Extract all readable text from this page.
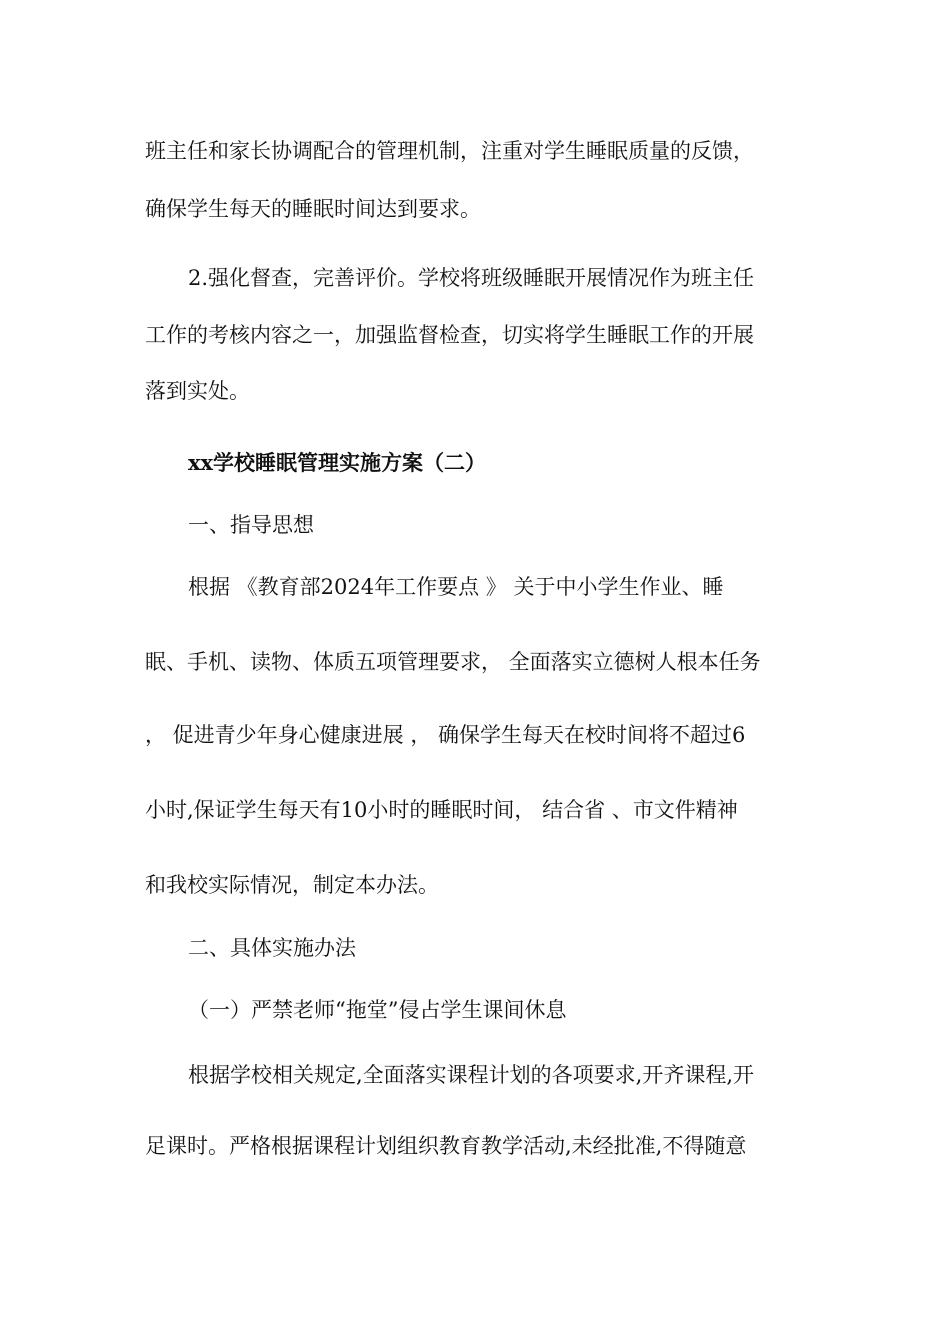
班主任和家长协调配合的管理机制，注重对学生睡眠质量的反馈，
确保学生每天的睡眠时间达到要求。
2.强化督查，完善评价。学校将班级睡眠开展情况作为班主任
工作的考核内容之一，加强监督检查，切实将学生睡眠工作的开展
落到实处。
xx学校睡眠管理实施方案（二）
一、指导思想
根据 《教育部2024年工作要点 》 关于中小学生作业、睡
眠、手机、读物、体质五项管理要求， 全面落实立德树人根本任务
， 促进青少年身心健康进展 ， 确保学生每天在校时间将不超过6
小时,保证学生每天有10小时的睡眠时间， 结合省 、市文件精神
和我校实际情况，制定本办法。
二、具体实施办法
（一）严禁老师“拖堂”侵占学生课间休息
根据学校相关规定,全面落实课程计划的各项要求,开齐课程,开
足课时。严格根据课程计划组织教育教学活动,未经批准,不得随意
